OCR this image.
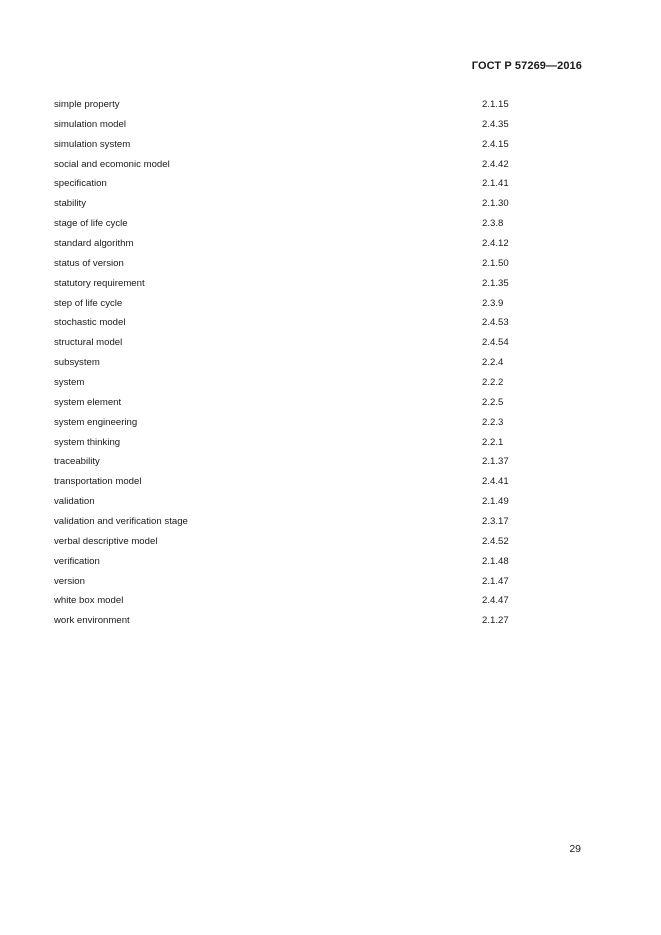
ГОСТ Р 57269—2016
simple property	2.1.15
simulation model	2.4.35
simulation system	2.4.15
social and ecomonic model	2.4.42
specification	2.1.41
stability	2.1.30
stage of life cycle	2.3.8
standard algorithm	2.4.12
status of version	2.1.50
statutory requirement	2.1.35
step of life cycle	2.3.9
stochastic model	2.4.53
structural model	2.4.54
subsystem	2.2.4
system	2.2.2
system element	2.2.5
system engineering	2.2.3
system thinking	2.2.1
traceability	2.1.37
transportation model	2.4.41
validation	2.1.49
validation and verification stage	2.3.17
verbal descriptive model	2.4.52
verification	2.1.48
version	2.1.47
white box model	2.4.47
work environment	2.1.27
29
